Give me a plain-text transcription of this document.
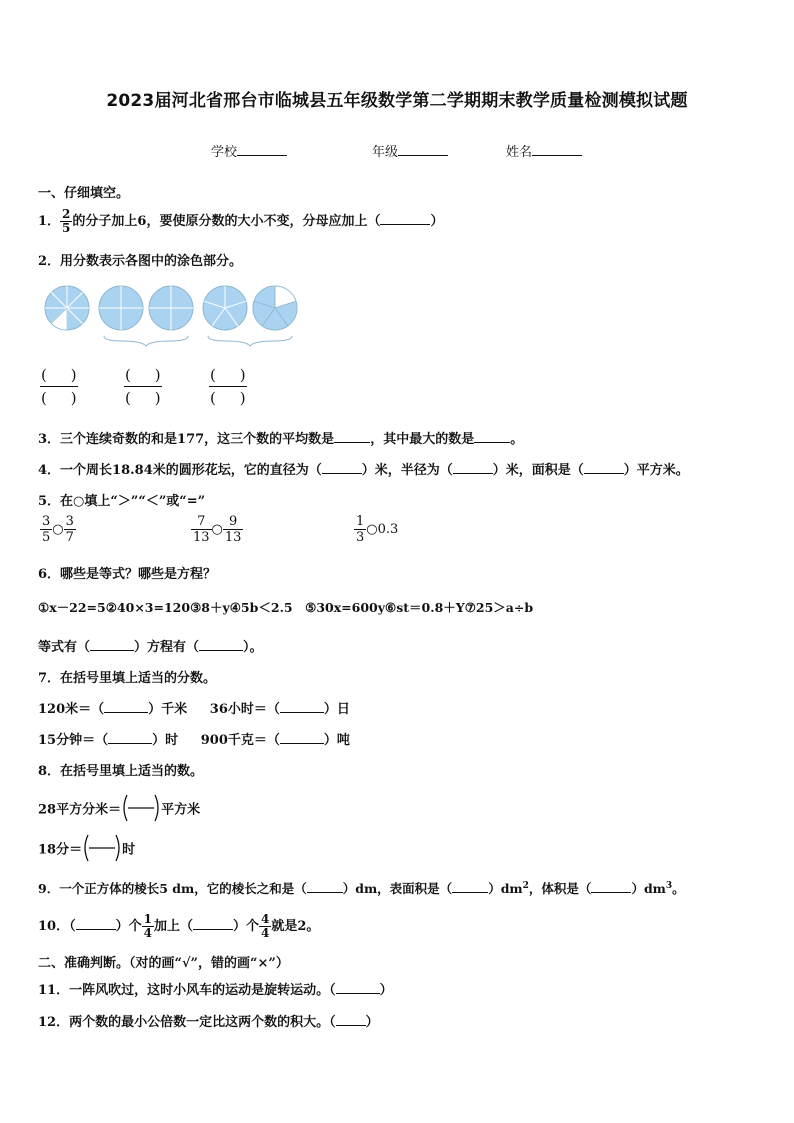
2023届河北省邢台市临城县五年级数学第二学期期末教学质量检测模拟试题
学校	年级	姓名
一、仔细填空。
1． $\frac{2}{5}$ 的分子加上6，要使原分数的大小不变，分母应加上（	）
2．用分数表示各图中的涂色部分。
(     )
(     )
(     )
(     )
(     )
(     )
3．三个连续奇数的和是177，这三个数的平均数是	，其中最大的数是	。
4．一个周长18.84米的圆形花坛，它的直径为（	）米，半径为（	）米，面积是（	）平方米。
5．在○填上“＞”“＜”或“=”
$\frac{3}{5}$ ○ $\frac{3}{7}$	$\frac{7}{13}$ ○ $\frac{9}{13}$	$\frac{1}{3}$ ○0.3
6．哪些是等式？哪些是方程？
①x－22=5②40×3=120③8＋y④5b＜2.5　⑤30x=600y⑥st＝0.8＋Y⑦25＞a÷b
等式有（	）方程有（	）。
7．在括号里填上适当的分数。
120米＝（	）千米 36小时＝（	）日
15分钟＝（	）时 900千克＝（	）吨
8．在括号里填上适当的数。
28平方分米＝	平方米
18分＝	时
9．一个正方体的棱长5 dm，它的棱长之和是（	）dm，表面积是（	）$dm^2$，体积是（	）$dm^3$。
10．（	）个 $\frac{1}{4}$ 加上（	）个 $\frac{4}{4}$ 就是2。
二、准确判断。（对的画“√”，错的画“×”）
11．一阵风吹过，这时小风车的运动是旋转运动。（	）
12．两个数的最小公倍数一定比这两个数的积大。（ ）
